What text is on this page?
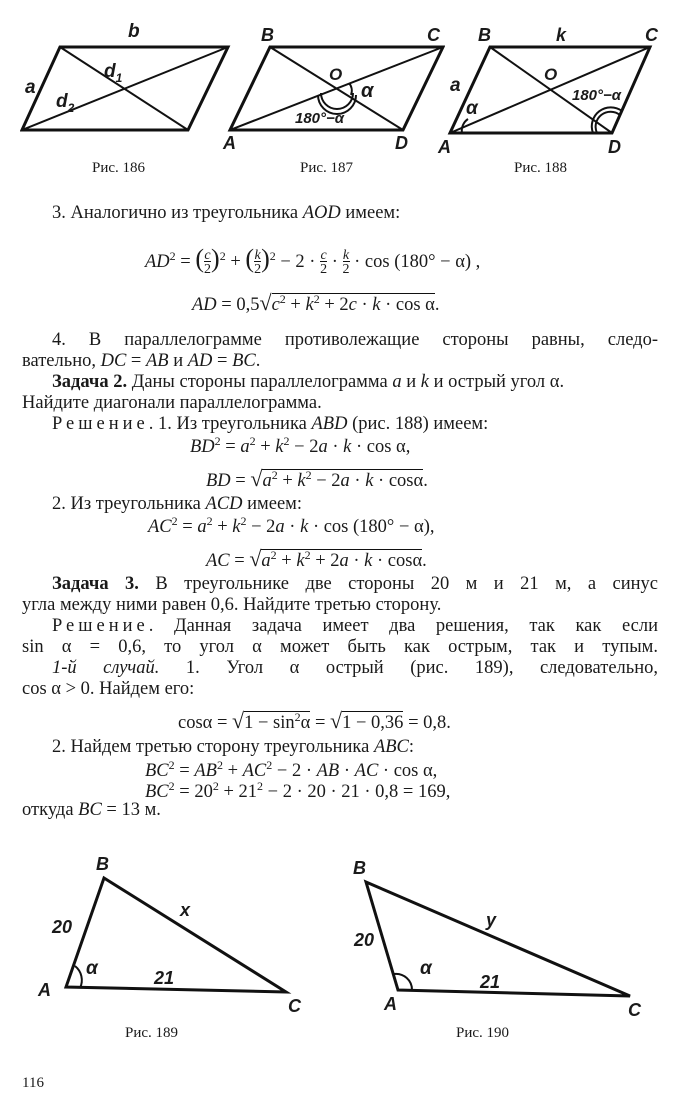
b
a
$d_1$
$d_2$
Рис. 186
B	C
A	D
O
α
180°−α
Рис. 187
B	k	C
a
O
α
180°−α
A	D
Рис. 188
3. Аналогично из треугольника AOD имеем:
$AD^2 = (\frac{c}{2})^2 + (\frac{k}{2})^2 - 2 \cdot \frac{c}{2} \cdot \frac{k}{2} \cdot \cos (180^\circ - \alpha)$ ,
AD = $0,5√c^2 + k^2 + 2c \cdot k \cdot \cos \alpha$.
4. В параллелограмме противолежащие стороны равны, следо-
вательно, DC = AB и AD = BC.
Задача 2. Даны стороны параллелограмма a и k и острый угол α.
Найдите диагонали параллелограмма.
Решение. 1. Из треугольника ABD (рис. 188) имеем:
$BD^2 = a^2 + k^2 - 2a \cdot k \cdot \cos \alpha$,
BD = $√a^2 + k^2 - 2a \cdot k \cdot \cos\alpha$.
2. Из треугольника ACD имеем:
$AC^2 = a^2 + k^2 - 2a \cdot k \cdot \cos (180^\circ - \alpha)$,
AC = $√a^2 + k^2 + 2a \cdot k \cdot \cos\alpha$.
Задача 3. В треугольнике две стороны 20 м и 21 м, а синус
угла между ними равен 0,6. Найдите третью сторону.
Решение. Данная задача имеет два решения, так как если
sin α = 0,6, то угол α может быть как острым, так и тупым.
1-й случай. 1. Угол α острый (рис. 189), следовательно,
cos α > 0. Найдем его:
$\cos\alpha = √1 - \sin^2\alpha = √1 - 0,36 = 0,8$.
2. Найдем третью сторону треугольника ABC:
$BC^2 = AB^2 + AC^2 - 2$ · AB · AC · cos α,
$BC^2 = 20^2 + 21^2 - 2 \cdot 20 \cdot 21 \cdot 0,8 = 169$,
откуда BC = 13 м.
B
x
20
α	21
A
C
Рис. 189
B
y
20
α
21
A	C
Рис. 190
116
